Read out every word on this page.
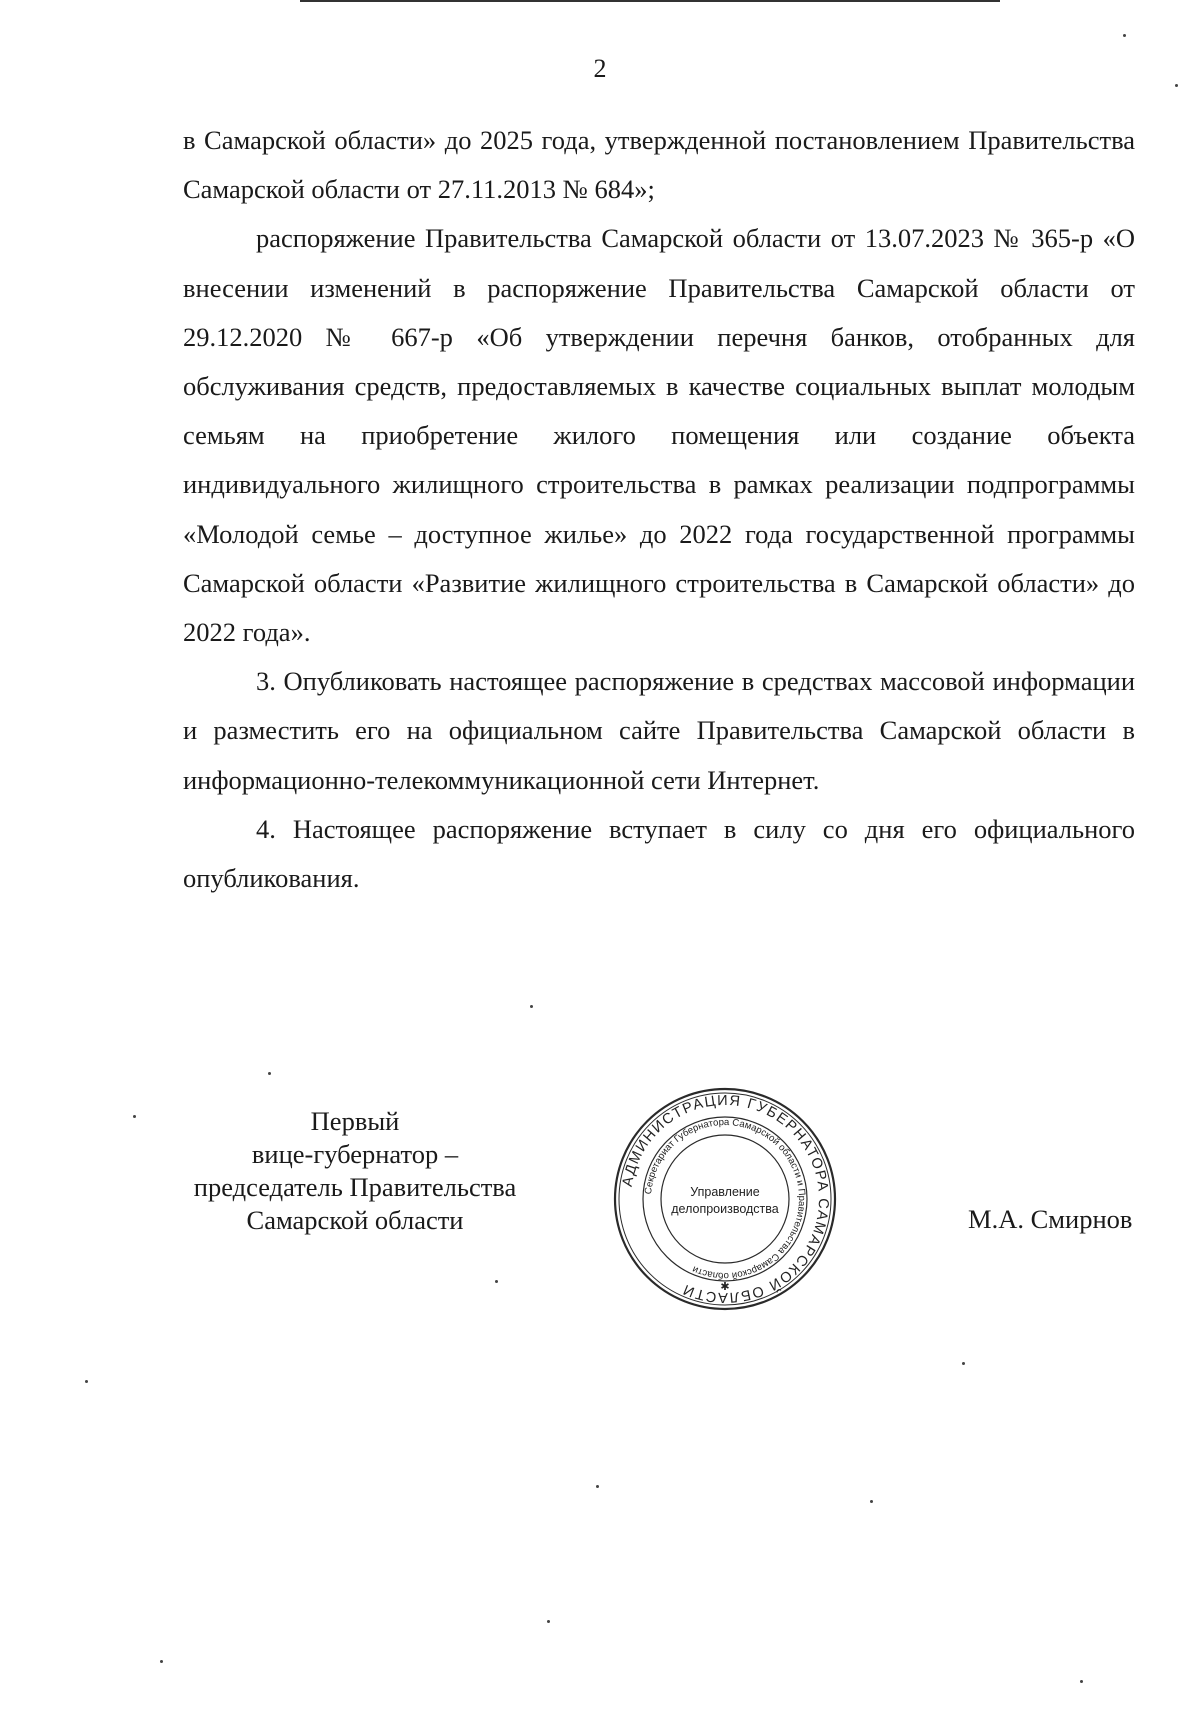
2

в Самарской области» до 2025 года, утвержденной постановлением Правительства Самарской области от 27.11.2013 № 684»;

распоряжение Правительства Самарской области от 13.07.2023 № 365-р «О внесении изменений в распоряжение Правительства Самарской области от 29.12.2020 № 667-р «Об утверждении перечня банков, отобранных для обслуживания средств, предоставляемых в качестве социальных выплат молодым семьям на приобретение жилого помещения или создание объекта индивидуального жилищного строительства в рамках реализации подпрограммы «Молодой семье – доступное жилье» до 2022 года государственной программы Самарской области «Развитие жилищного строительства в Самарской области» до 2022 года».

3. Опубликовать настоящее распоряжение в средствах массовой информации и разместить его на официальном сайте Правительства Самарской области в информационно-телекоммуникационной сети Интернет.

4. Настоящее распоряжение вступает в силу со дня его официального опубликования.

Первый
вице-губернатор –
председатель Правительства
Самарской области
АДМИНИСТРАЦИЯ ГУБЕРНАТОРА САМАРСКОЙ ОБЛАСТИ
Секретариат Губернатора Самарской области и Правительства Самарской области
Управление
делопроизводства
✱
М.А. Смирнов
